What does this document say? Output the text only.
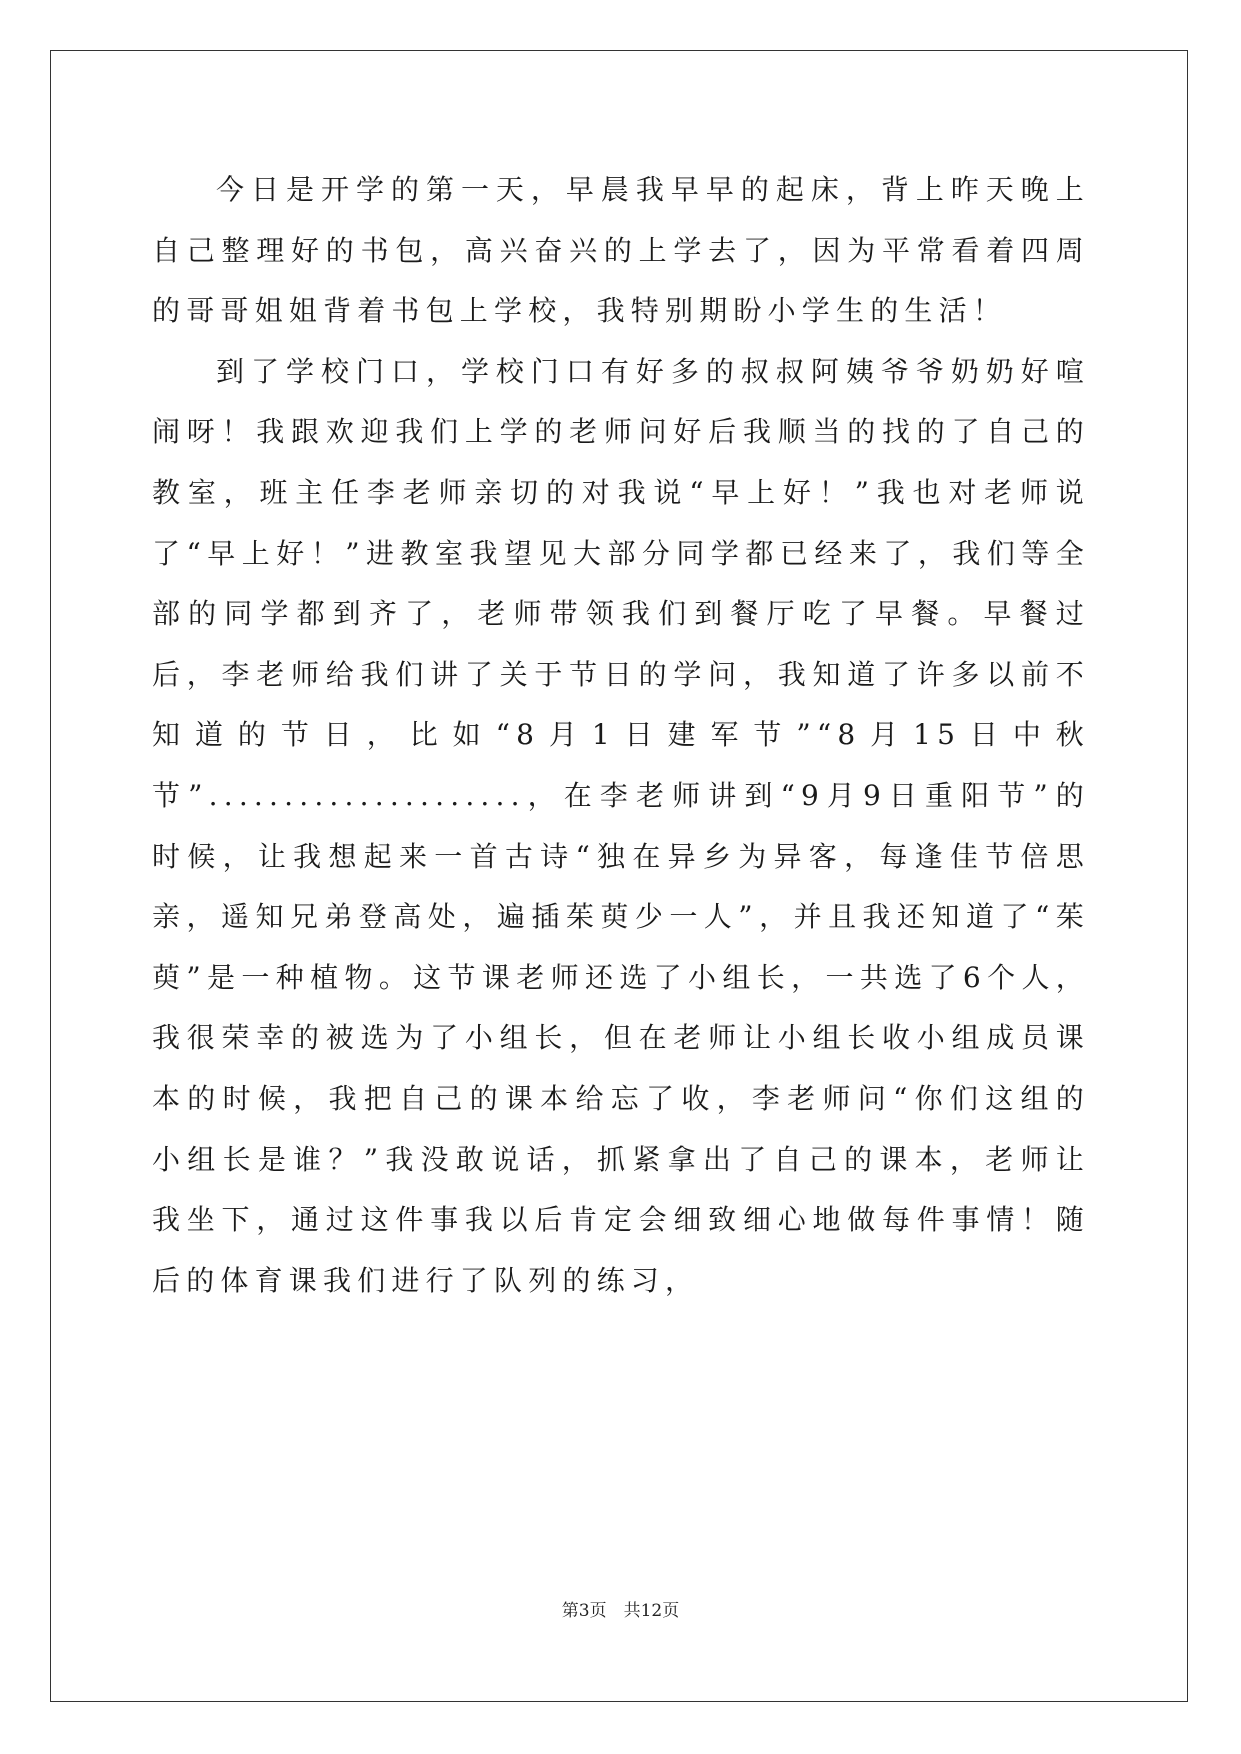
今日是开学的第一天，早晨我早早的起床，背上昨天晚上自己整理好的书包，高兴奋兴的上学去了，因为平常看着四周的哥哥姐姐背着书包上学校，我特别期盼小学生的生活！

到了学校门口，学校门口有好多的叔叔阿姨爷爷奶奶好喧闹呀！我跟欢迎我们上学的老师问好后我顺当的找的了自己的教室，班主任李老师亲切的对我说“早上好！”我也对老师说了“早上好！”进教室我望见大部分同学都已经来了，我们等全部的同学都到齐了，老师带领我们到餐厅吃了早餐。早餐过后，李老师给我们讲了关于节日的学问，我知道了许多以前不知道的节日，比如“8月1日建军节”“8月15日中秋节”.....................，在李老师讲到“9月9日重阳节”的时候，让我想起来一首古诗“独在异乡为异客，每逢佳节倍思亲，遥知兄弟登高处，遍插茱萸少一人”，并且我还知道了“茱萸”是一种植物。这节课老师还选了小组长，一共选了6个人，我很荣幸的被选为了小组长，但在老师让小组长收小组成员课本的时候，我把自己的课本给忘了收，李老师问“你们这组的小组长是谁？”我没敢说话，抓紧拿出了自己的课本，老师让我坐下，通过这件事我以后肯定会细致细心地做每件事情！随后的体育课我们进行了队列的练习，

第3页　共12页
